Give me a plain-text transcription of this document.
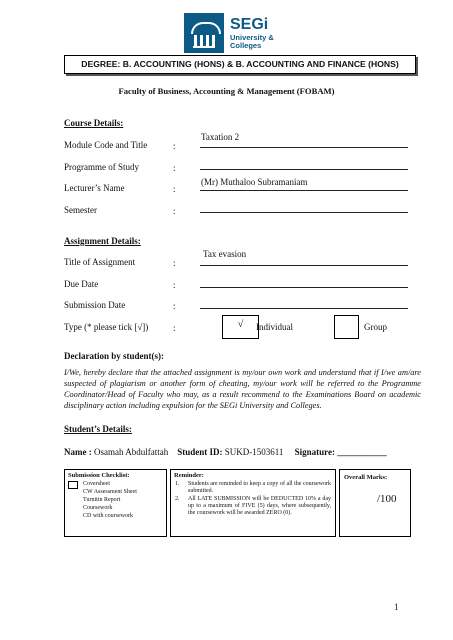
SEGi
University &
Colleges
DEGREE: B. ACCOUNTING (HONS) & B. ACCOUNTING AND FINANCE (HONS)
Faculty of Business, Accounting & Management (FOBAM)
Course Details:
Module Code and Title	:
Taxation 2
Programme of Study	:
Lecturer’s Name	:
(Mr) Muthaloo Subramaniam
Semester	:
Assignment Details:
Title of Assignment	:
Tax evasion
Due Date	:
Submission Date	:
Type (* please tick [√])	:	√	Individual	Group
Declaration by student(s):
I/We, hereby declare that the attached assignment is my/our own work and understand that if I/we am/are suspected of plagiarism or another form of cheating, my/our work will be referred to the Programme Coordinator/Head of Faculty who may, as a result recommend to the Examinations Board on academic disciplinary action including expulsion for the SEGi University and Colleges.
Student’s Details:
Name : Osamah Abdulfattah Student ID: SUKD-1503611 Signature: ___________
Submission Checklist:
Coversheet
CW Assessment Sheet
Turnitin Report
Coursework
CD with coursework
Reminder:
1. Students are reminded to keep a copy of all the coursework submitted.
2. All LATE SUBMISSION will be DEDUCTED 10% a day up to a maximum of FIVE (5) days, where subsequently, the coursework will be awarded ZERO (0).
Overall Marks:
/100
1
